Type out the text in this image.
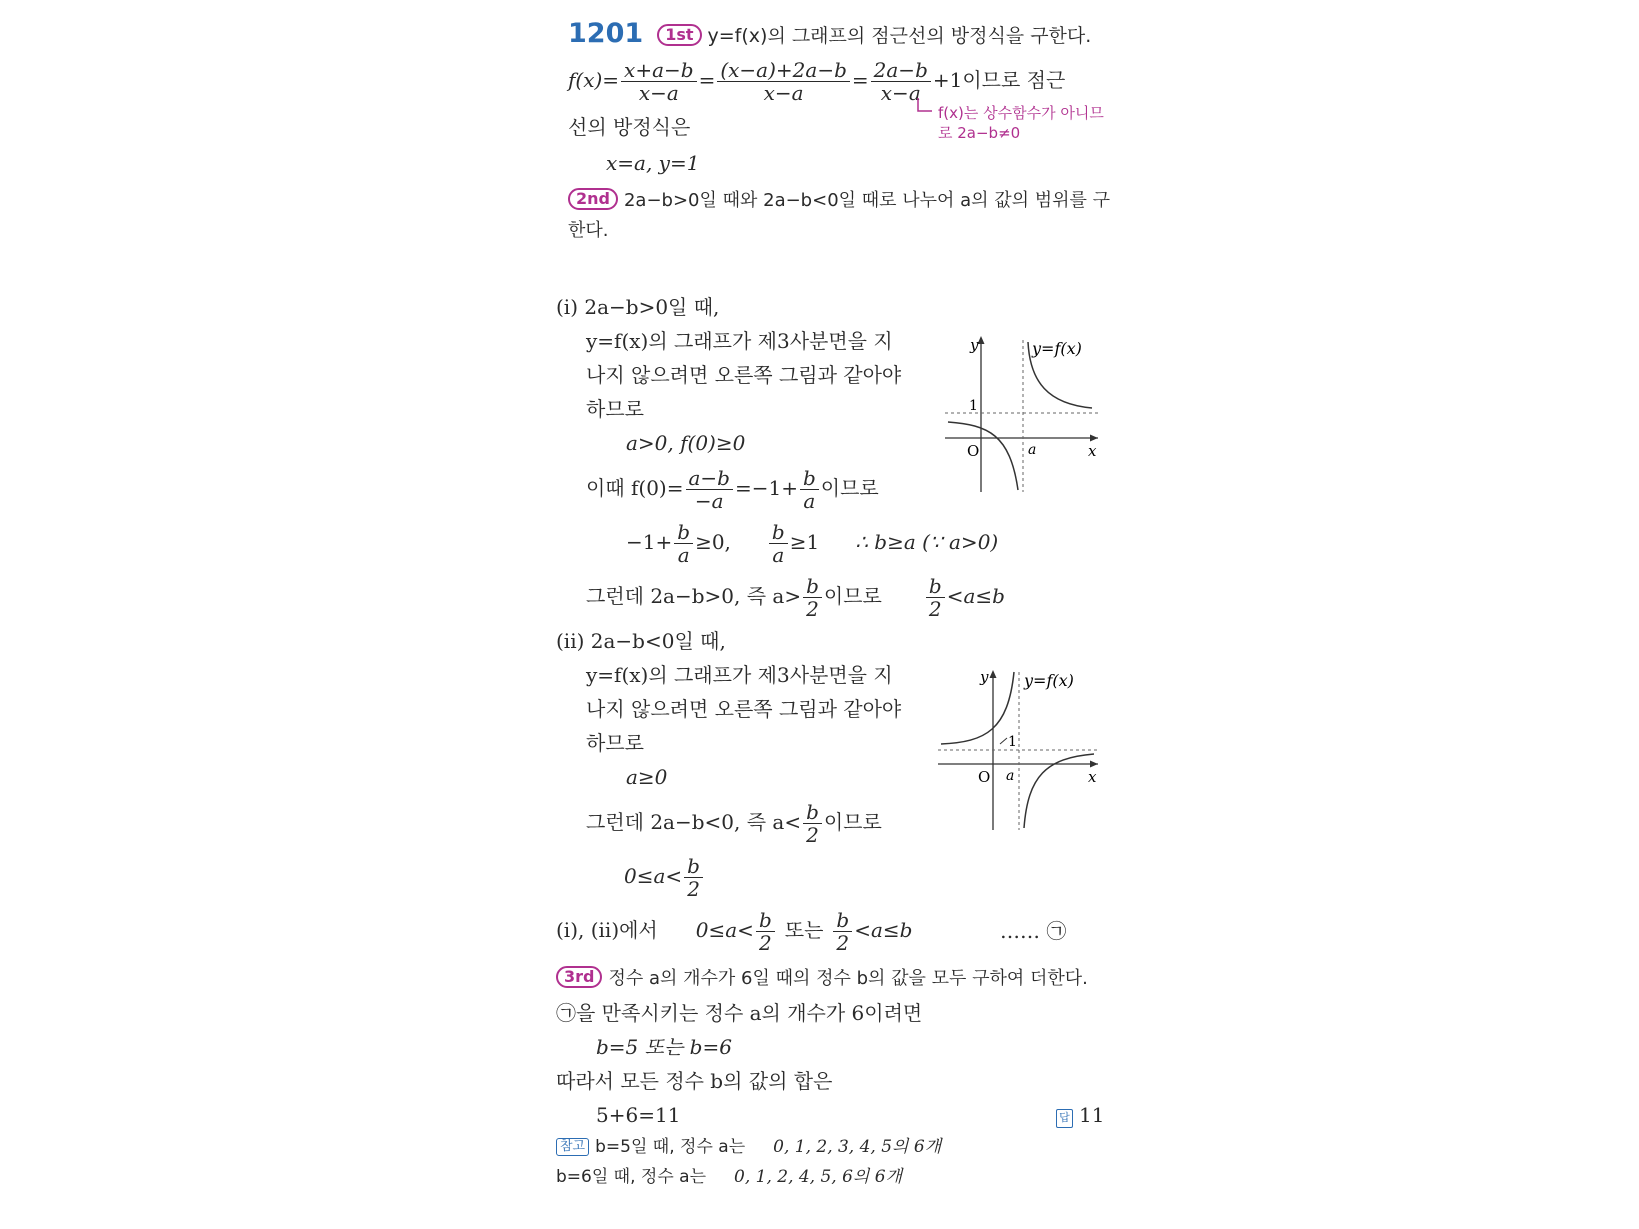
1201 1st y=f(x)의 그래프의 점근선의 방정식을 구한다.
$f(x)= \frac{x+a-b}{x-a} = \frac{(x-a)+2a-b}{x-a} = \frac{2a-b}{x-a} +1$이므로 점근
f(x)는 상수함수가 아니므
로 2a−b≠0
선의 방정식은
x=a, y=1
2nd 2a−b>0일 때와 2a−b<0일 때로 나누어 a의 값의 범위를 구
한다.
(i) 2a−b>0일 때,
y=f(x)의 그래프가 제3사분면을 지
나지 않으려면 오른쪽 그림과 같아야
하므로
a>0, f(0)≥0
이때 $f(0)= \frac{a-b}{-a} =-1+ \frac{b}{a}$ 이므로
$-1+ \frac{b}{a} \ge 0$, $\frac{b}{a} \ge 1$ ∴ b≥a (∵ a>0)
그런데 2a−b>0, 즉 $a> \frac{b}{2}$ 이므로 $\frac{b}{2} <a\le b$
y
x
O
1
a
y=f(x)
(ii) 2a−b<0일 때,
y=f(x)의 그래프가 제3사분면을 지
나지 않으려면 오른쪽 그림과 같아야
하므로
a≥0
그런데 2a−b<0, 즉 $a< \frac{b}{2}$ 이므로
$0\le a< \frac{b}{2}$
y
x
O
1
a
y=f(x)
(i), (ii)에서 $0\le a< \frac{b}{2}$ 또는 $\frac{b}{2} <a\le b$	…… ㉠
3rd 정수 a의 개수가 6일 때의 정수 b의 값을 모두 구하여 더한다.
㉠을 만족시키는 정수 a의 개수가 6이려면
b=5 또는 b=6
따라서 모든 정수 b의 값의 합은
5+6=11	답 11
참고 b=5일 때, 정수 a는 0, 1, 2, 3, 4, 5의 6개
b=6일 때, 정수 a는 0, 1, 2, 4, 5, 6의 6개
